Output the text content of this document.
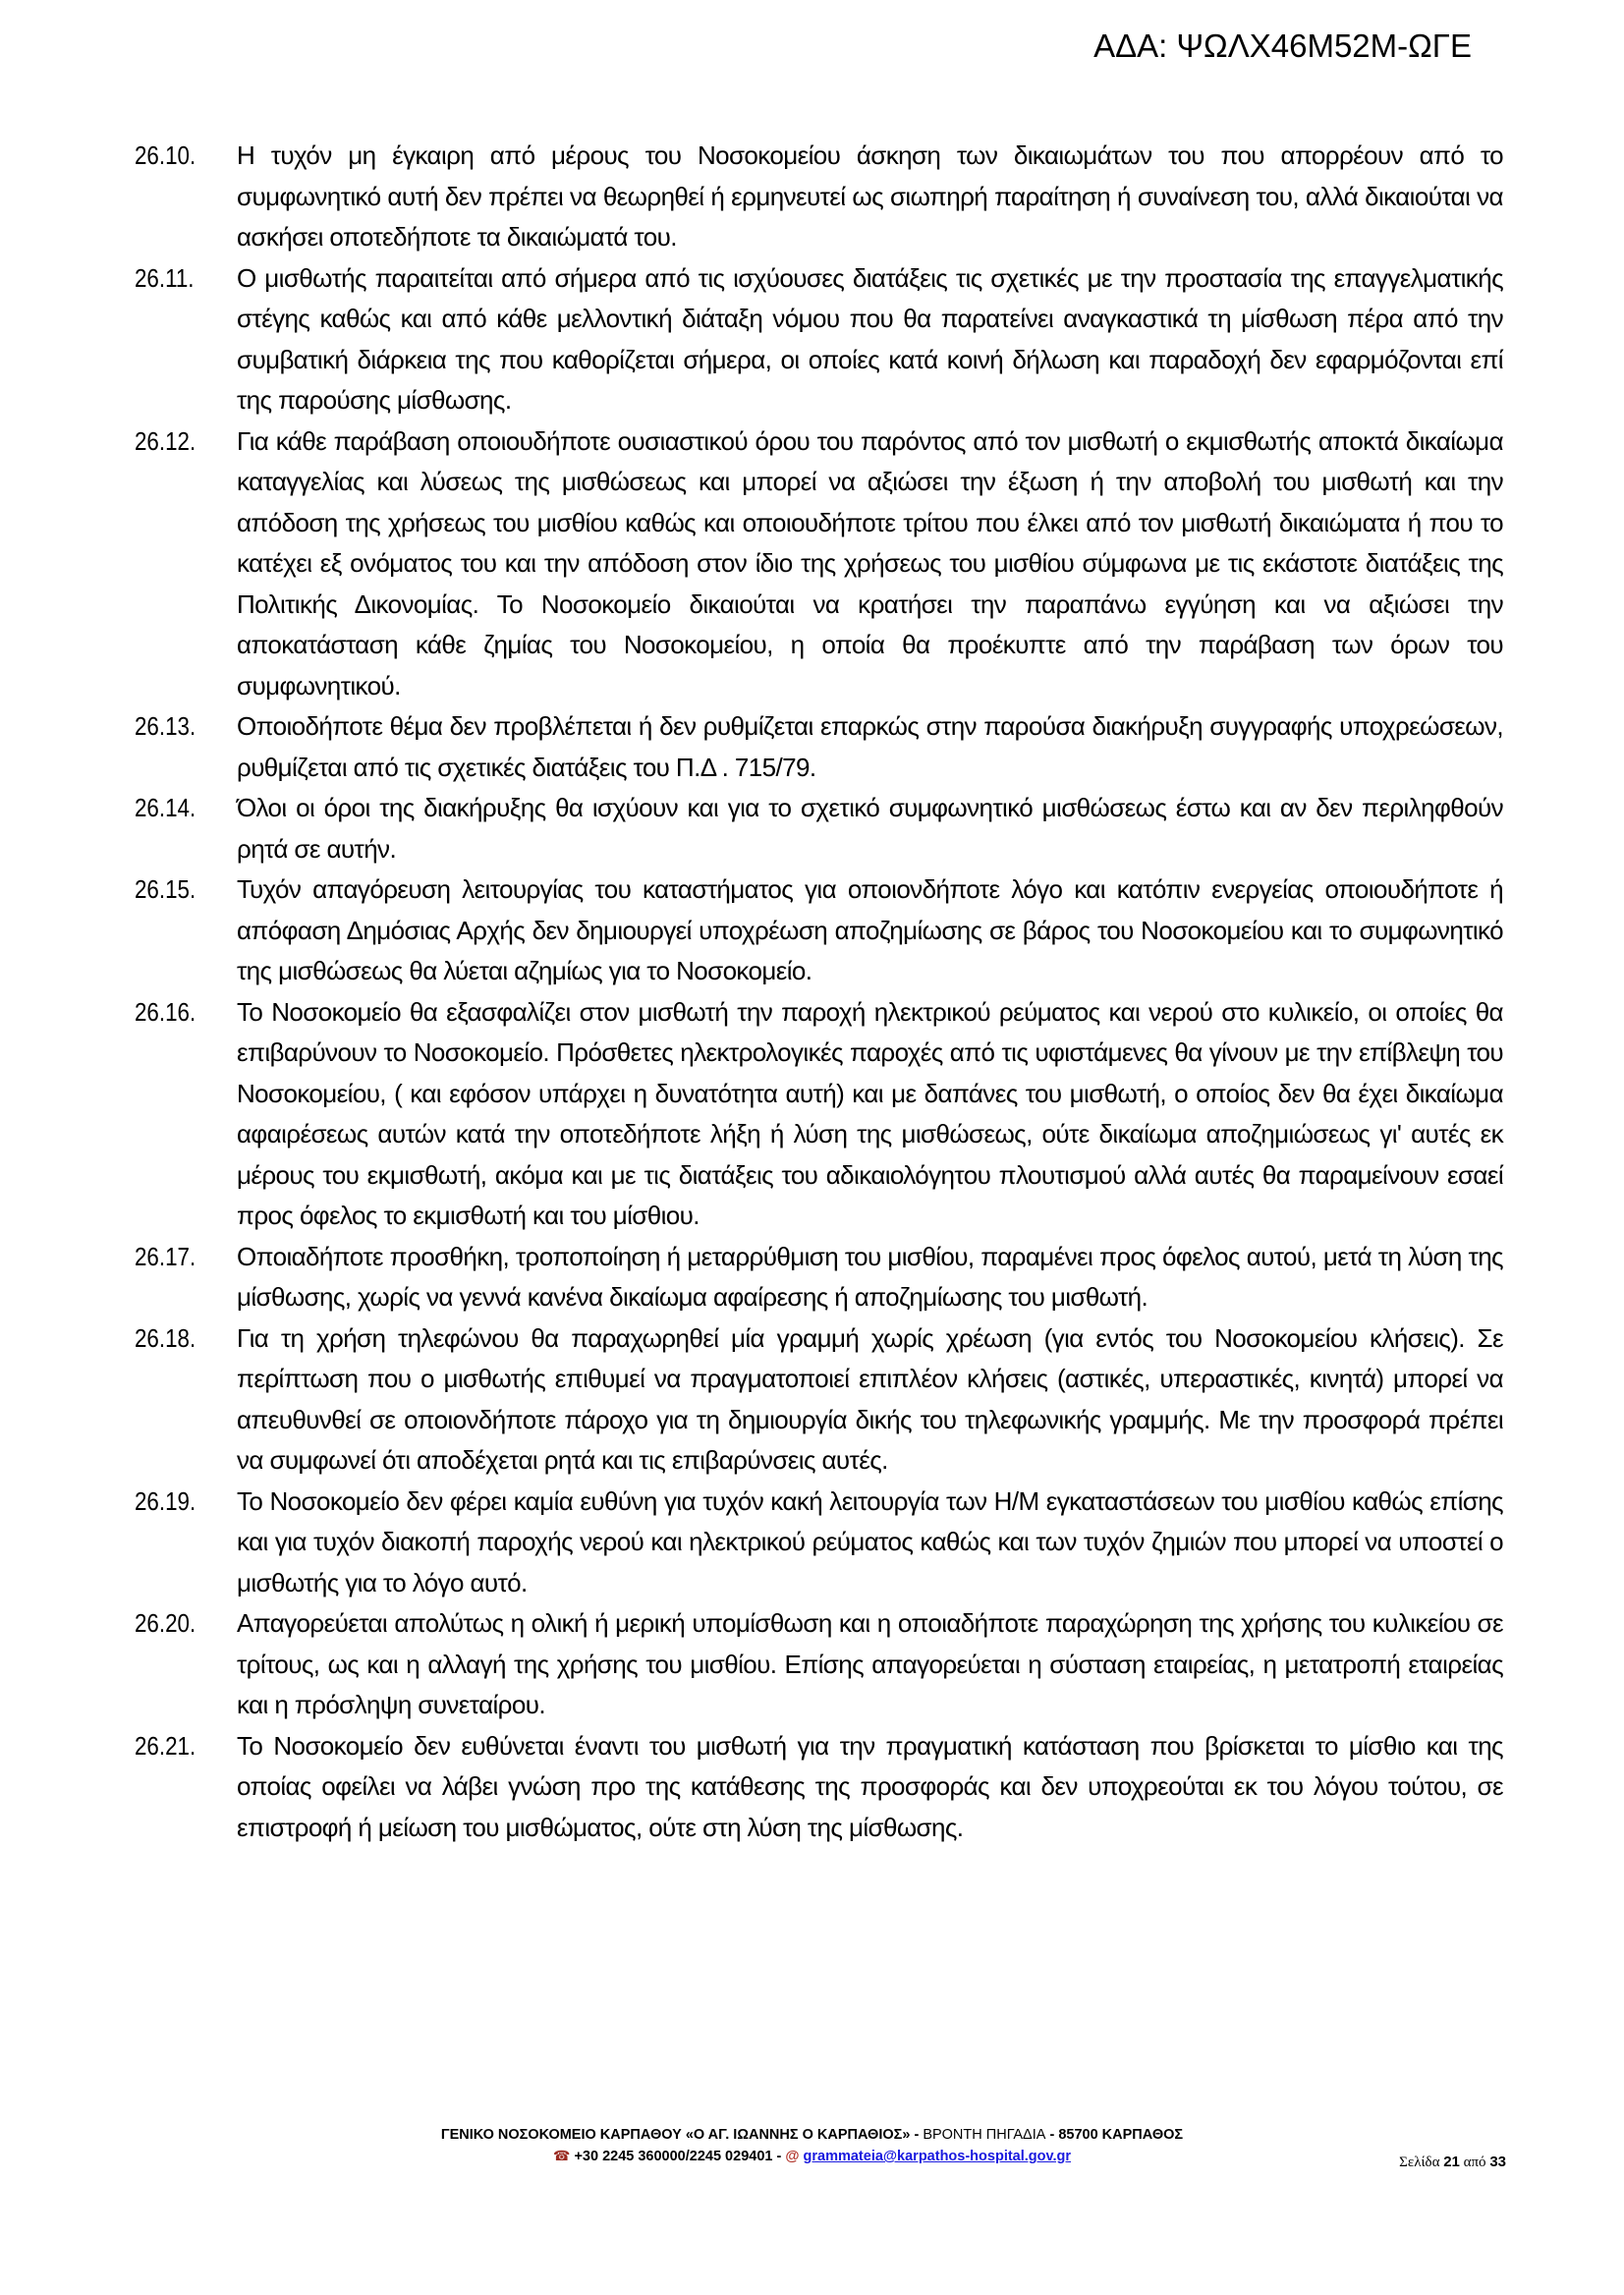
ΑΔΑ: ΨΩΛΧ46Μ52Μ-ΩΓΕ
26.10.	Η τυχόν μη έγκαιρη από μέρους του Νοσοκομείου άσκηση των δικαιωμάτων του που απορρέουν από το συμφωνητικό αυτή δεν πρέπει να θεωρηθεί ή ερμηνευτεί ως σιωπηρή παραίτηση ή συναίνεση του, αλλά δικαιούται να ασκήσει οποτεδήποτε τα δικαιώματά του.
26.11.	Ο μισθωτής παραιτείται από σήμερα από τις ισχύουσες διατάξεις τις σχετικές με την προστασία της επαγγελματικής στέγης καθώς και από κάθε μελλοντική διάταξη νόμου που θα παρατείνει αναγκαστικά τη μίσθωση πέρα από την συμβατική διάρκεια της που καθορίζεται σήμερα, οι οποίες κατά κοινή δήλωση και παραδοχή δεν εφαρμόζονται επί της παρούσης μίσθωσης.
26.12.	Για κάθε παράβαση οποιουδήποτε ουσιαστικού όρου του παρόντος από τον μισθωτή ο εκμισθωτής αποκτά δικαίωμα καταγγελίας και λύσεως της μισθώσεως και μπορεί να αξιώσει την έξωση ή την αποβολή του μισθωτή και την απόδοση της χρήσεως του μισθίου καθώς και οποιουδήποτε τρίτου που έλκει από τον μισθωτή δικαιώματα ή που το κατέχει εξ ονόματος του και την απόδοση στον ίδιο της χρήσεως του μισθίου σύμφωνα με τις εκάστοτε διατάξεις της Πολιτικής Δικονομίας. Το Νοσοκομείο δικαιούται να κρατήσει την παραπάνω εγγύηση και να αξιώσει την αποκατάσταση κάθε ζημίας του Νοσοκομείου, η οποία θα προέκυπτε από την παράβαση των όρων του συμφωνητικού.
26.13.	Οποιοδήποτε θέμα δεν προβλέπεται ή δεν ρυθμίζεται επαρκώς στην παρούσα διακήρυξη συγγραφής υποχρεώσεων, ρυθμίζεται από τις σχετικές διατάξεις του Π.Δ . 715/79.
26.14.	Όλοι οι όροι της διακήρυξης θα ισχύουν και για το σχετικό συμφωνητικό μισθώσεως έστω και αν δεν περιληφθούν ρητά σε αυτήν.
26.15.	Τυχόν απαγόρευση λειτουργίας του καταστήματος για οποιονδήποτε λόγο και κατόπιν ενεργείας οποιουδήποτε ή απόφαση Δημόσιας Αρχής δεν δημιουργεί υποχρέωση αποζημίωσης σε βάρος του Νοσοκομείου και το συμφωνητικό της μισθώσεως θα λύεται αζημίως για το Νοσοκομείο.
26.16.	Το Νοσοκομείο θα εξασφαλίζει στον μισθωτή την παροχή ηλεκτρικού ρεύματος και νερού στο κυλικείο, οι οποίες θα επιβαρύνουν το Νοσοκομείο. Πρόσθετες ηλεκτρολογικές παροχές από τις υφιστάμενες θα γίνουν με την επίβλεψη του Νοσοκομείου, ( και εφόσον υπάρχει η δυνατότητα αυτή) και με δαπάνες του μισθωτή, ο οποίος δεν θα έχει δικαίωμα αφαιρέσεως αυτών κατά την οποτεδήποτε λήξη ή λύση της μισθώσεως, ούτε δικαίωμα αποζημιώσεως γι' αυτές εκ μέρους του εκμισθωτή, ακόμα και με τις διατάξεις του αδικαιολόγητου πλουτισμού αλλά αυτές θα παραμείνουν εσαεί προς όφελος το εκμισθωτή και του μίσθιου.
26.17.	Οποιαδήποτε προσθήκη, τροποποίηση ή μεταρρύθμιση του μισθίου, παραμένει προς όφελος αυτού, μετά τη λύση της μίσθωσης, χωρίς να γεννά κανένα δικαίωμα αφαίρεσης ή αποζημίωσης του μισθωτή.
26.18.	Για τη χρήση τηλεφώνου θα παραχωρηθεί μία γραμμή χωρίς χρέωση (για εντός του Νοσοκομείου κλήσεις). Σε περίπτωση που ο μισθωτής επιθυμεί να πραγματοποιεί επιπλέον κλήσεις (αστικές, υπεραστικές, κινητά) μπορεί να απευθυνθεί σε οποιονδήποτε πάροχο για τη δημιουργία δικής του τηλεφωνικής γραμμής. Με την προσφορά πρέπει να συμφωνεί ότι αποδέχεται ρητά και τις επιβαρύνσεις αυτές.
26.19.	Το Νοσοκομείο δεν φέρει καμία ευθύνη για τυχόν κακή λειτουργία των Η/Μ εγκαταστάσεων του μισθίου καθώς επίσης και για τυχόν διακοπή παροχής νερού και ηλεκτρικού ρεύματος καθώς και των τυχόν ζημιών που μπορεί να υποστεί ο μισθωτής για το λόγο αυτό.
26.20.	Απαγορεύεται απολύτως η ολική ή μερική υπομίσθωση και η οποιαδήποτε παραχώρηση της χρήσης του κυλικείου σε τρίτους, ως και η αλλαγή της χρήσης του μισθίου. Επίσης απαγορεύεται η σύσταση εταιρείας, η μετατροπή εταιρείας και η πρόσληψη συνεταίρου.
26.21.	Το Νοσοκομείο δεν ευθύνεται έναντι του μισθωτή για την πραγματική κατάσταση που βρίσκεται το μίσθιο και της οποίας οφείλει να λάβει γνώση προ της κατάθεσης της προσφοράς και δεν υποχρεούται εκ του λόγου τούτου, σε επιστροφή ή μείωση του μισθώματος, ούτε στη λύση της μίσθωσης.
ΓΕΝΙΚΟ ΝΟΣΟΚΟΜΕΙΟ ΚΑΡΠΑΘΟΥ «Ο ΑΓ. ΙΩΑΝΝΗΣ Ο ΚΑΡΠΑΘΙΟΣ» - ΒΡΟΝΤΗ ΠΗΓΑΔΙΑ - 85700 ΚΑΡΠΑΘΟΣ
☎ +30 2245 360000/2245 029401 - @ grammateia@karpathos-hospital.gov.gr	Σελίδα 21 από 33
